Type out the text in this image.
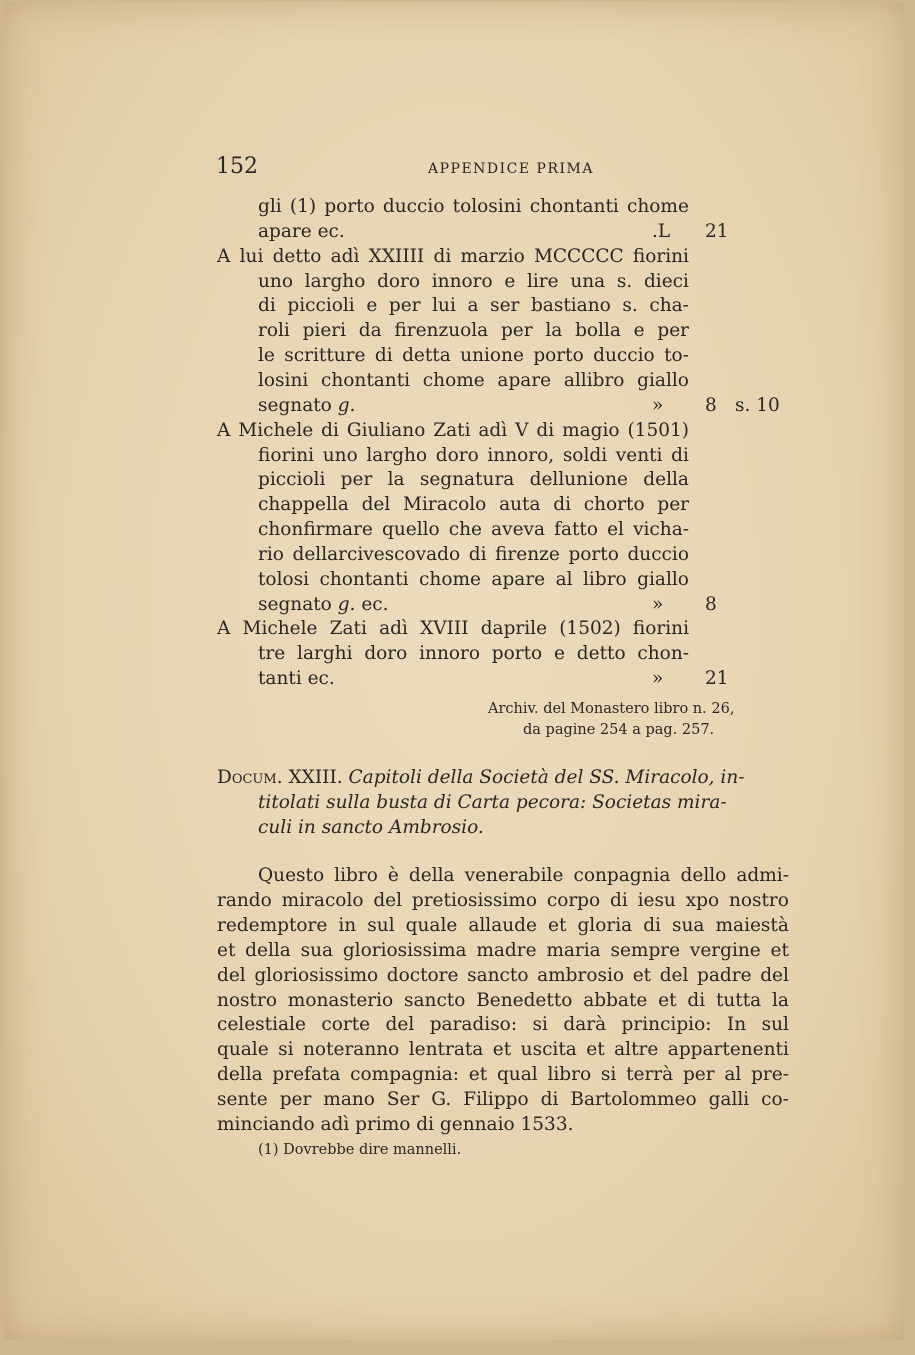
152	APPENDICE PRIMA
gli (1) porto duccio tolosini chontanti chome
apare ec.	.L 21
A lui detto adì XXIIII di marzio MCCCCC fiorini
uno largho doro innoro e lire una s. dieci
di piccioli e per lui a ser bastiano s. cha-
roli pieri da firenzuola per la bolla e per
le scritture di detta unione porto duccio to-
losini chontanti chome apare allibro giallo
segnato g.	» 8 s. 10
A Michele di Giuliano Zati adì V di magio (1501)
fiorini uno largho doro innoro, soldi venti di
piccioli per la segnatura dellunione della
chappella del Miracolo auta di chorto per
chonfirmare quello che aveva fatto el vicha-
rio dellarcivescovado di firenze porto duccio
tolosi chontanti chome apare al libro giallo
segnato g. ec.	» 8
A Michele Zati adì XVIII daprile (1502) fiorini
tre larghi doro innoro porto e detto chon-
tanti ec.	» 21
Archiv. del Monastero libro n. 26,
da pagine 254 a pag. 257.
Docum. XXIII. Capitoli della Società del SS. Miracolo, in-
titolati sulla busta di Carta pecora: Societas mira-
culi in sancto Ambrosio.
Questo libro è della venerabile conpagnia dello admi-
rando miracolo del pretiosissimo corpo di iesu xpo nostro
redemptore in sul quale allaude et gloria di sua maiestà
et della sua gloriosissima madre maria sempre vergine et
del gloriosissimo doctore sancto ambrosio et del padre del
nostro monasterio sancto Benedetto abbate et di tutta la
celestiale corte del paradiso: si darà principio: In sul
quale si noteranno lentrata et uscita et altre appartenenti
della prefata compagnia: et qual libro si terrà per al pre-
sente per mano Ser G. Filippo di Bartolommeo galli co-
minciando adì primo di gennaio 1533.
(1) Dovrebbe dire mannelli.
